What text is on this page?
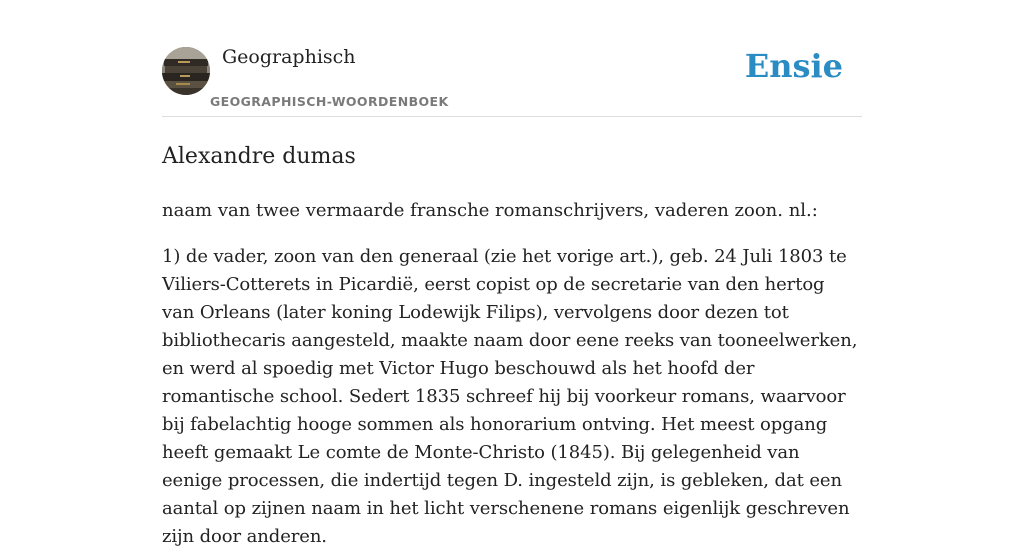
Geographisch
GEOGRAPHISCH-WOORDENBOEK
Ensie
Alexandre dumas

naam van twee vermaarde fransche romanschrijvers, vaderen zoon. nl.:

1) de vader, zoon van den generaal (zie het vorige art.), geb. 24 Juli 1803 te Viliers-Cotterets in Picardië, eerst copist op de secretarie van den hertog van Orleans (later koning Lodewijk Filips), vervolgens door dezen tot bibliothecaris aangesteld, maakte naam door eene reeks van tooneelwerken, en werd al spoedig met Victor Hugo beschouwd als het hoofd der romantische school. Sedert 1835 schreef hij bij voorkeur romans, waarvoor bij fabelachtig hooge sommen als honorarium ontving. Het meest opgang heeft gemaakt Le comte de Monte-Christo (1845). Bij gelegenheid van eenige processen, die indertijd tegen D. ingesteld zijn, is gebleken, dat een aantal op zijnen naam in het licht verschenene romans eigenlijk geschreven zijn door anderen.
